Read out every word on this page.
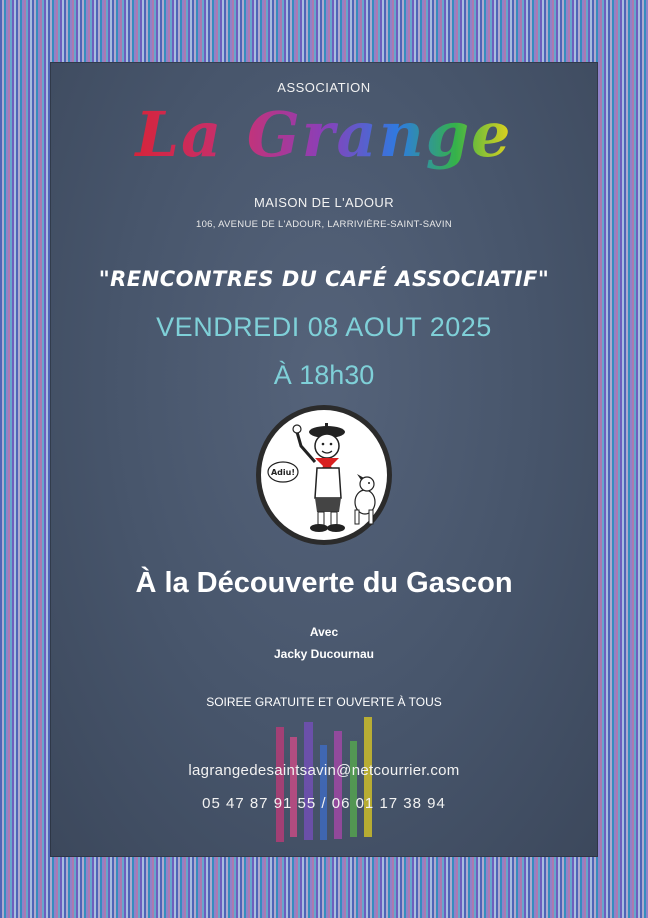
ASSOCIATION
La Grange
MAISON DE L'ADOUR
106, AVENUE DE L'ADOUR, LARRIVIÈRE-SAINT-SAVIN
"RENCONTRES DU CAFÉ ASSOCIATIF"
VENDREDI 08 AOUT 2025
À 18h30
Adiu!
À la Découverte du Gascon
Avec
Jacky Ducournau
SOIREE GRATUITE ET OUVERTE À TOUS
lagrangedesaintsavin@netcourrier.com
05 47 87 91 55 / 06 01 17 38 94
